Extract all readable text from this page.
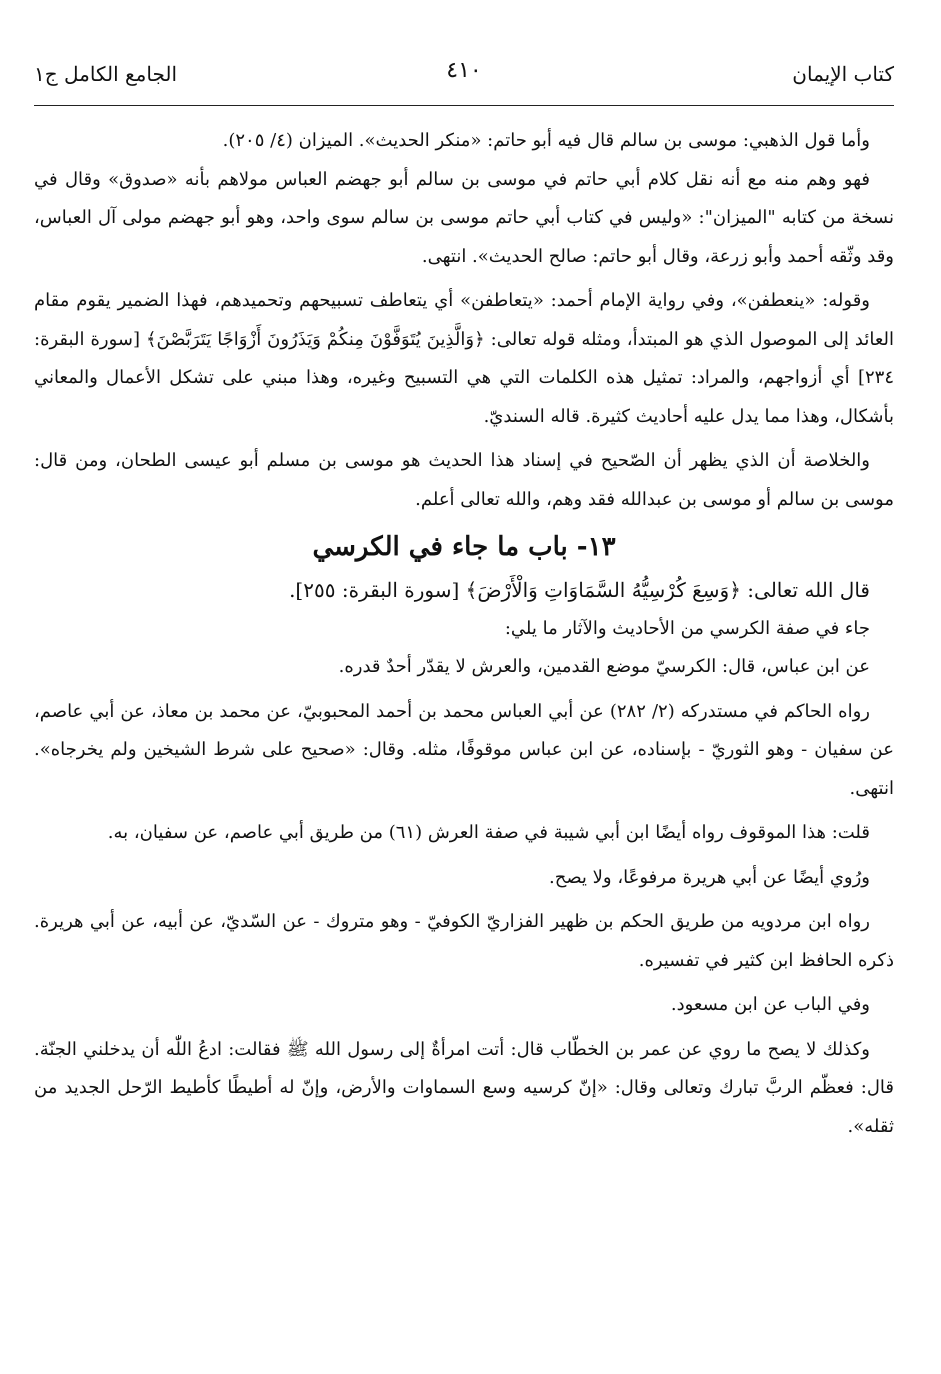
كتاب الإيمان
٤١٠
الجامع الكامل ج١

وأما قول الذهبي: موسى بن سالم قال فيه أبو حاتم: «منكر الحديث». الميزان (٤/ ٢٠٥).

فهو وهم منه مع أنه نقل كلام أبي حاتم في موسى بن سالم أبو جهضم العباس مولاهم بأنه «صدوق» وقال في نسخة من كتابه "الميزان": «وليس في كتاب أبي حاتم موسى بن سالم سوى واحد، وهو أبو جهضم مولى آل العباس، وقد وثّقه أحمد وأبو زرعة، وقال أبو حاتم: صالح الحديث». انتهى.

وقوله: «ينعطفن»، وفي رواية الإمام أحمد: «يتعاطفن» أي يتعاطف تسبيحهم وتحميدهم، فهذا الضمير يقوم مقام العائد إلى الموصول الذي هو المبتدأ، ومثله قوله تعالى: ﴿وَالَّذِينَ يُتَوَفَّوْنَ مِنكُمْ وَيَذَرُونَ أَزْوَاجًا يَتَرَبَّصْنَ﴾ [سورة البقرة: ٢٣٤] أي أزواجهم، والمراد: تمثيل هذه الكلمات التي هي التسبيح وغيره، وهذا مبني على تشكل الأعمال والمعاني بأشكال، وهذا مما يدل عليه أحاديث كثيرة. قاله السنديّ.

والخلاصة أن الذي يظهر أن الصّحيح في إسناد هذا الحديث هو موسى بن مسلم أبو عيسى الطحان، ومن قال: موسى بن سالم أو موسى بن عبدالله فقد وهم، والله تعالى أعلم.

١٣- باب ما جاء في الكرسي

قال الله تعالى: ﴿وَسِعَ كُرْسِيُّهُ السَّمَاوَاتِ وَالْأَرْضَ﴾ [سورة البقرة: ٢٥٥].

جاء في صفة الكرسي من الأحاديث والآثار ما يلي:

عن ابن عباس، قال: الكرسيّ موضع القدمين، والعرش لا يقدّر أحدٌ قدره.

رواه الحاكم في مستدركه (٢/ ٢٨٢) عن أبي العباس محمد بن أحمد المحبوبيّ، عن محمد بن معاذ، عن أبي عاصم، عن سفيان - وهو الثوريّ - بإسناده، عن ابن عباس موقوفًا، مثله. وقال: «صحيح على شرط الشيخين ولم يخرجاه». انتهى.

قلت: هذا الموقوف رواه أيضًا ابن أبي شيبة في صفة العرش (٦١) من طريق أبي عاصم، عن سفيان، به.

ورُوي أيضًا عن أبي هريرة مرفوعًا، ولا يصح.

رواه ابن مردويه من طريق الحكم بن ظهير الفزاريّ الكوفيّ - وهو متروك - عن السّديّ، عن أبيه، عن أبي هريرة. ذكره الحافظ ابن كثير في تفسيره.

وفي الباب عن ابن مسعود.

وكذلك لا يصح ما روي عن عمر بن الخطّاب قال: أتت امرأةٌ إلى رسول الله ﷺ فقالت: ادعُ اللّٰه أن يدخلني الجنّة. قال: فعظّم الربَّ تبارك وتعالى وقال: «إنّ كرسيه وسع السماوات والأرض، وإنّ له أطيطًا كأطيط الرّحل الجديد من ثقله».
